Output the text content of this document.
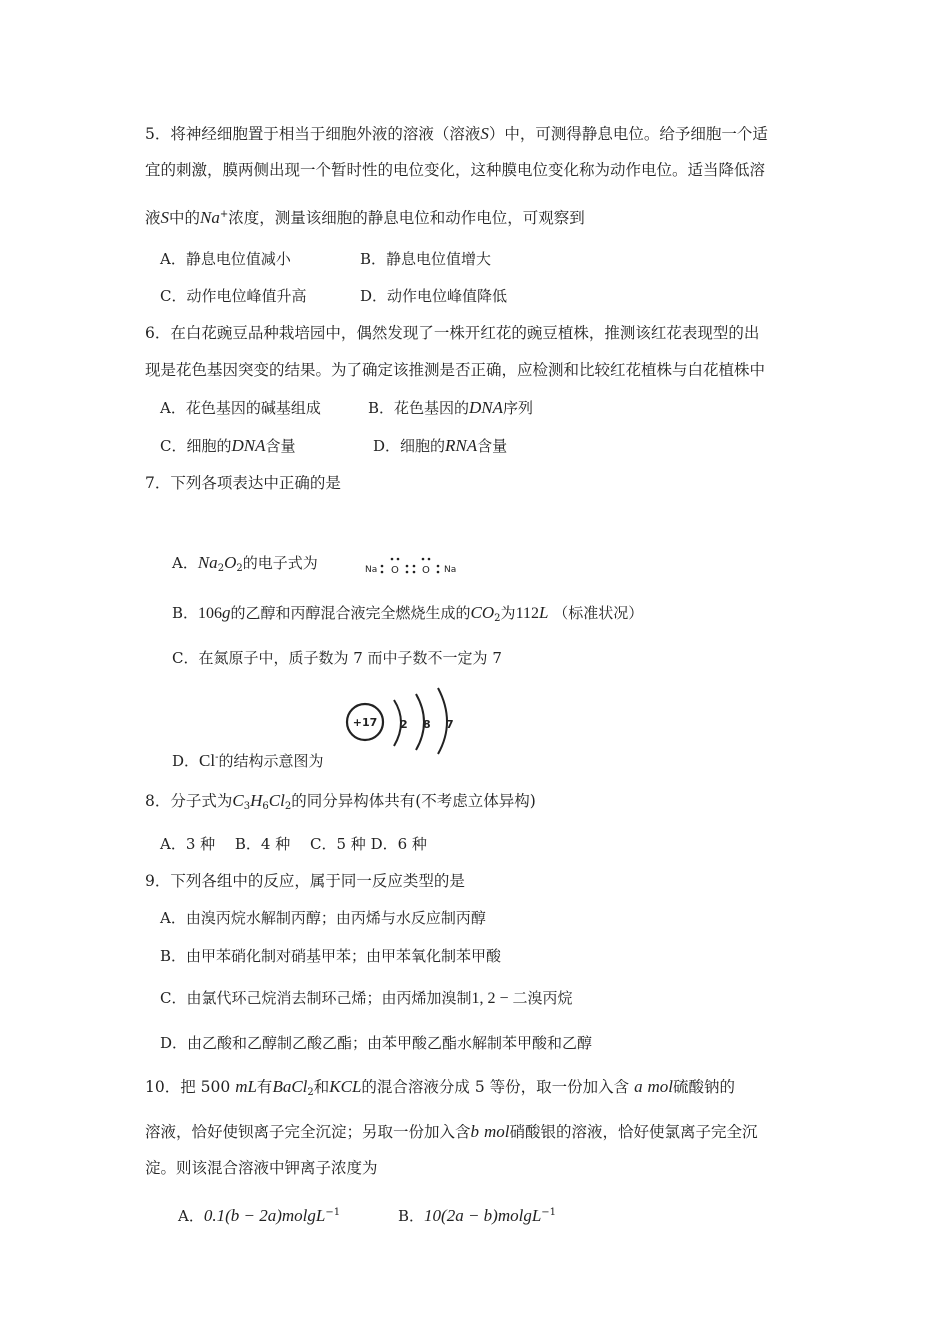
5．将神经细胞置于相当于细胞外液的溶液（溶液S）中，可测得静息电位。给予细胞一个适
宜的刺激，膜两侧出现一个暂时性的电位变化，这种膜电位变化称为动作电位。适当降低溶
液S中的Na+浓度，测量该细胞的静息电位和动作电位，可观察到
A．静息电位值减小	B．静息电位值增大
C．动作电位峰值升高	D．动作电位峰值降低
6．在白花豌豆品种栽培园中，偶然发现了一株开红花的豌豆植株，推测该红花表现型的出
现是花色基因突变的结果。为了确定该推测是否正确，应检测和比较红花植株与白花植株中
A．花色基因的碱基组成	B．花色基因的DNA序列
C．细胞的DNA含量	D．细胞的RNA含量
7．下列各项表达中正确的是
A．$Na_2O_2$的电子式为	Na O O Na
B．106g的乙醇和丙醇混合液完全燃烧生成的$CO_2$为112L （标准状况）
C．在氮原子中，质子数为 7 而中子数不一定为 7
+17 2 8 7
D．Cl-的结构示意图为
8．分子式为$C_3H_6Cl_2$的同分异构体共有(不考虑立体异构)
A．3 种　 B．4 种　 C．5 种 D．6 种
9．下列各组中的反应，属于同一反应类型的是
A．由溴丙烷水解制丙醇；由丙烯与水反应制丙醇
B．由甲苯硝化制对硝基甲苯；由甲苯氧化制苯甲酸
C．由氯代环己烷消去制环己烯；由丙烯加溴制1, 2 − 二溴丙烷
D．由乙酸和乙醇制乙酸乙酯；由苯甲酸乙酯水解制苯甲酸和乙醇
10．把 500 mL有BaCl$_2$和KCL的混合溶液分成 5 等份，取一份加入含 a mol硫酸钠的
溶液，恰好使钡离子完全沉淀；另取一份加入含b mol硝酸银的溶液，恰好使氯离子完全沉
淀。则该混合溶液中钾离子浓度为
A．0.1(b − 2a)molgL$^{-1}$	B．10(2a − b)molgL$^{-1}$
